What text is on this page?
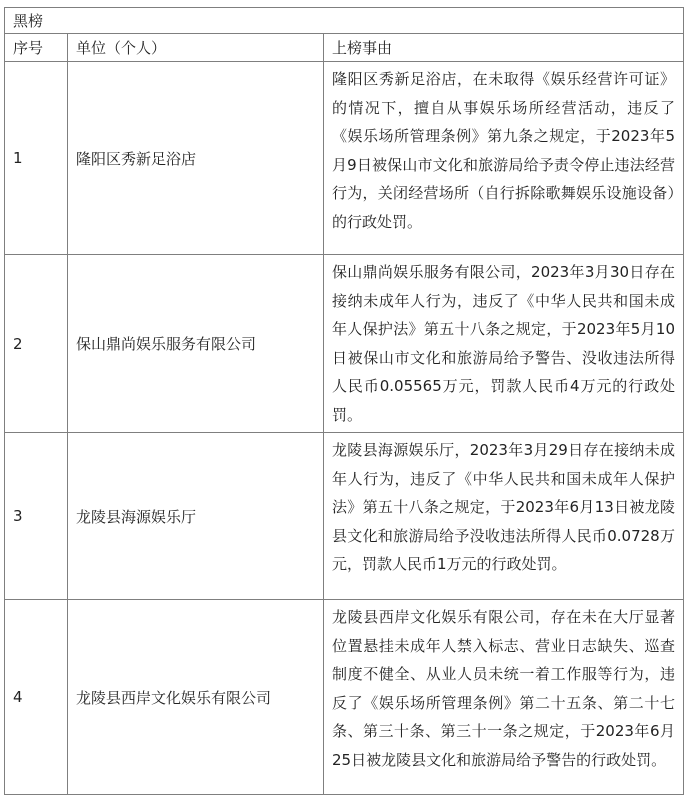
黑榜		
序号	单位（个人）	上榜事由
1	隆阳区秀新足浴店	隆阳区秀新足浴店，在未取得《娱乐经营许可证》的情况下，擅自从事娱乐场所经营活动，违反了《娱乐场所管理条例》第九条之规定，于2023年5月9日被保山市文化和旅游局给予责令停止违法经营行为，关闭经营场所（自行拆除歌舞娱乐设施设备）的行政处罚。
2	保山鼎尚娱乐服务有限公司	保山鼎尚娱乐服务有限公司，2023年3月30日存在接纳未成年人行为，违反了《中华人民共和国未成年人保护法》第五十八条之规定，于2023年5月10日被保山市文化和旅游局给予警告、没收违法所得人民币0.05565万元，罚款人民币4万元的行政处罚。
3	龙陵县海源娱乐厅	龙陵县海源娱乐厅，2023年3月29日存在接纳未成年人行为，违反了《中华人民共和国未成年人保护法》第五十八条之规定，于2023年6月13日被龙陵县文化和旅游局给予没收违法所得人民币0.0728万元，罚款人民币1万元的行政处罚。
4	龙陵县西岸文化娱乐有限公司	龙陵县西岸文化娱乐有限公司，存在未在大厅显著位置悬挂未成年人禁入标志、营业日志缺失、巡查制度不健全、从业人员未统一着工作服等行为，违反了《娱乐场所管理条例》第二十五条、第二十七条、第三十条、第三十一条之规定，于2023年6月25日被龙陵县文化和旅游局给予警告的行政处罚。
